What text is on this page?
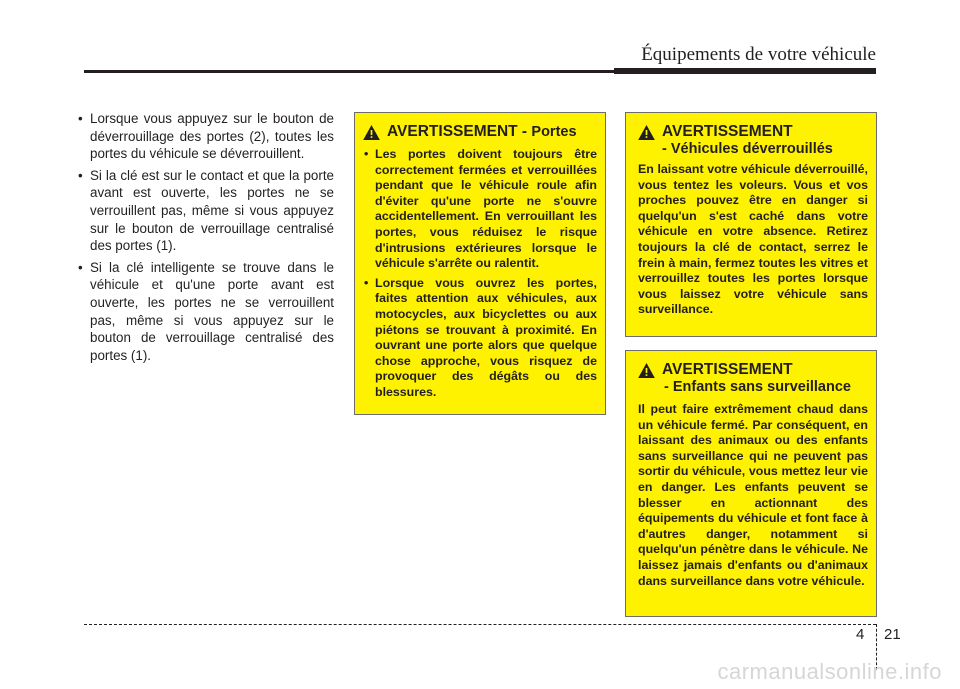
Équipements de votre véhicule
• Lorsque vous appuyez sur le bouton de déverrouillage des portes (2), toutes les portes du véhicule se déverrouillent.
• Si la clé est sur le contact et que la porte avant est ouverte, les portes ne se verrouillent pas, même si vous appuyez sur le bouton de verrouillage centralisé des portes (1).
• Si la clé intelligente se trouve dans le véhicule et qu'une porte avant est ouverte, les portes ne se verrouillent pas, même si vous appuyez sur le bouton de verrouillage centralisé des portes (1).
AVERTISSEMENT - Portes
• Les portes doivent toujours être correctement fermées et verrouillées pendant que le véhicule roule afin d'éviter qu'une porte ne s'ouvre accidentellement. En verrouillant les portes, vous réduisez le risque d'intrusions extérieures lorsque le véhicule s'arrête ou ralentit.
• Lorsque vous ouvrez les portes, faites attention aux véhicules, aux motocycles, aux bicyclettes ou aux piétons se trouvant à proximité. En ouvrant une porte alors que quelque chose approche, vous risquez de provoquer des dégâts ou des blessures.
AVERTISSEMENT
- Véhicules déverrouillés
En laissant votre véhicule déverrouillé, vous tentez les voleurs. Vous et vos proches pouvez être en danger si quelqu'un s'est caché dans votre véhicule en votre absence. Retirez toujours la clé de contact, serrez le frein à main, fermez toutes les vitres et verrouillez toutes les portes lorsque vous laissez votre véhicule sans surveillance.
AVERTISSEMENT
- Enfants sans surveillance
Il peut faire extrêmement chaud dans un véhicule fermé. Par conséquent, en laissant des animaux ou des enfants sans surveillance qui ne peuvent pas sortir du véhicule, vous mettez leur vie en danger. Les enfants peuvent se blesser en actionnant des équipements du véhicule et font face à d'autres danger, notamment si quelqu'un pénètre dans le véhicule. Ne laissez jamais d'enfants ou d'animaux dans surveillance dans votre véhicule.
4 21
carmanualsonline.info
